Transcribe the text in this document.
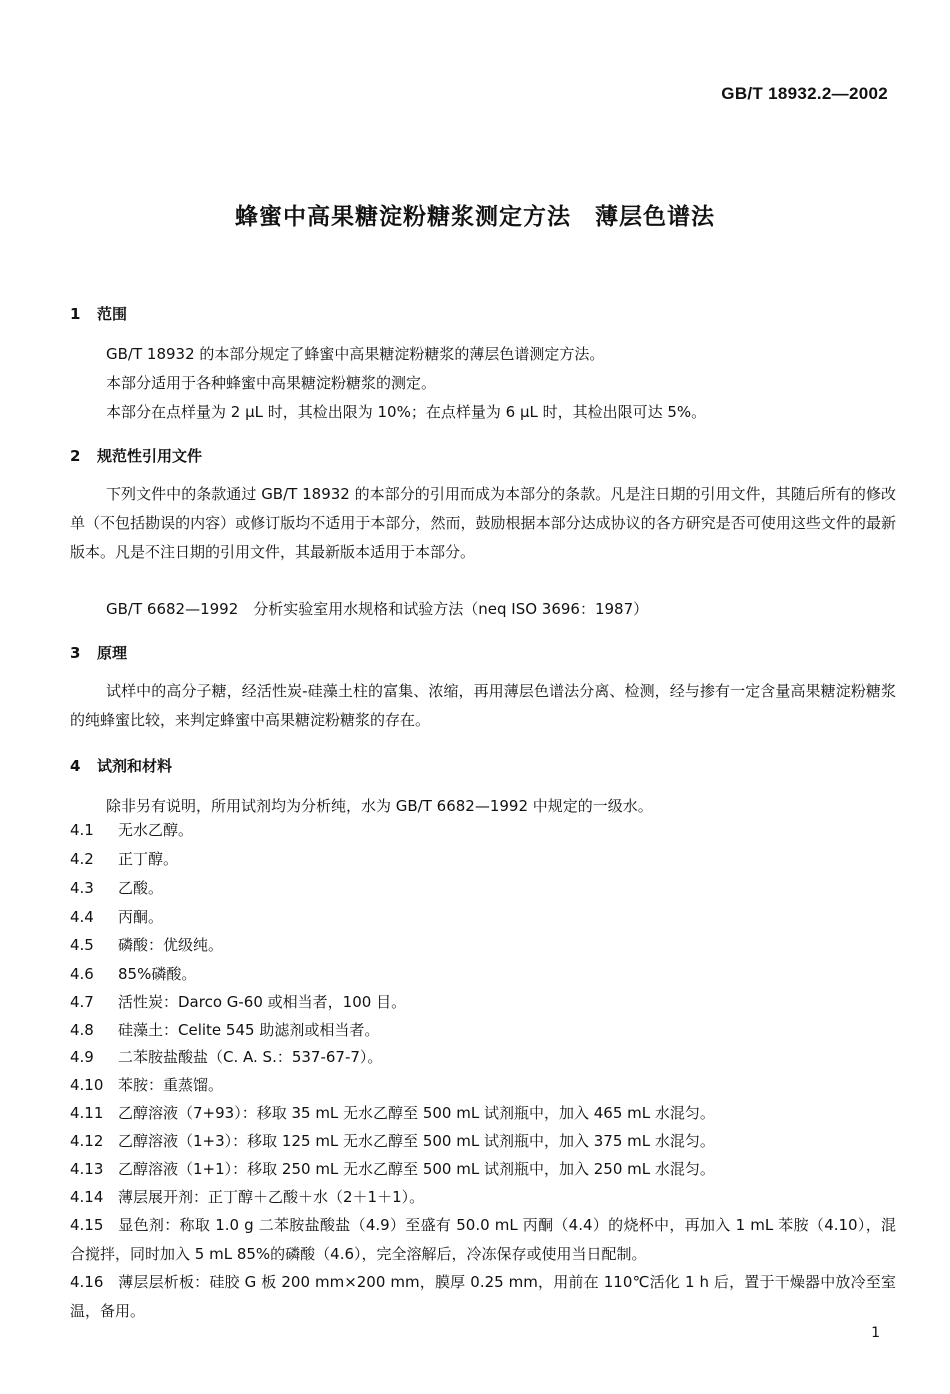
GB/T 18932.2—2002
蜂蜜中高果糖淀粉糖浆测定方法　薄层色谱法
1 范围
GB/T 18932 的本部分规定了蜂蜜中高果糖淀粉糖浆的薄层色谱测定方法。
本部分适用于各种蜂蜜中高果糖淀粉糖浆的测定。
本部分在点样量为 2 μL 时，其检出限为 10%；在点样量为 6 μL 时，其检出限可达 5%。
2 规范性引用文件

下列文件中的条款通过 GB/T 18932 的本部分的引用而成为本部分的条款。凡是注日期的引用文件，其随后所有的修改单（不包括勘误的内容）或修订版均不适用于本部分，然而，鼓励根据本部分达成协议的各方研究是否可使用这些文件的最新版本。凡是不注日期的引用文件，其最新版本适用于本部分。

GB/T 6682—1992　分析实验室用水规格和试验方法（neq ISO 3696：1987）
3 原理

试样中的高分子糖，经活性炭-硅藻土柱的富集、浓缩，再用薄层色谱法分离、检测，经与掺有一定含量高果糖淀粉糖浆的纯蜂蜜比较，来判定蜂蜜中高果糖淀粉糖浆的存在。

4 试剂和材料
除非另有说明，所用试剂均为分析纯，水为 GB/T 6682—1992 中规定的一级水。
4.1 无水乙醇。
4.2 正丁醇。
4.3 乙酸。
4.4 丙酮。
4.5 磷酸：优级纯。
4.6 85%磷酸。
4.7 活性炭：Darco G-60 或相当者，100 目。
4.8 硅藻土：Celite 545 助滤剂或相当者。
4.9 二苯胺盐酸盐（C. A. S.：537-67-7）。
4.10 苯胺：重蒸馏。
4.11 乙醇溶液（7+93）：移取 35 mL 无水乙醇至 500 mL 试剂瓶中，加入 465 mL 水混匀。
4.12 乙醇溶液（1+3）：移取 125 mL 无水乙醇至 500 mL 试剂瓶中，加入 375 mL 水混匀。
4.13 乙醇溶液（1+1）：移取 250 mL 无水乙醇至 500 mL 试剂瓶中，加入 250 mL 水混匀。
4.14 薄层展开剂：正丁醇＋乙酸＋水（2＋1＋1）。
4.15 显色剂：称取 1.0 g 二苯胺盐酸盐（4.9）至盛有 50.0 mL 丙酮（4.4）的烧杯中，再加入 1 mL 苯胺（4.10），混合搅拌，同时加入 5 mL 85%的磷酸（4.6），完全溶解后，冷冻保存或使用当日配制。
4.16 薄层层析板：硅胶 G 板 200 mm×200 mm，膜厚 0.25 mm，用前在 110℃活化 1 h 后，置于干燥器中放冷至室温，备用。
1
